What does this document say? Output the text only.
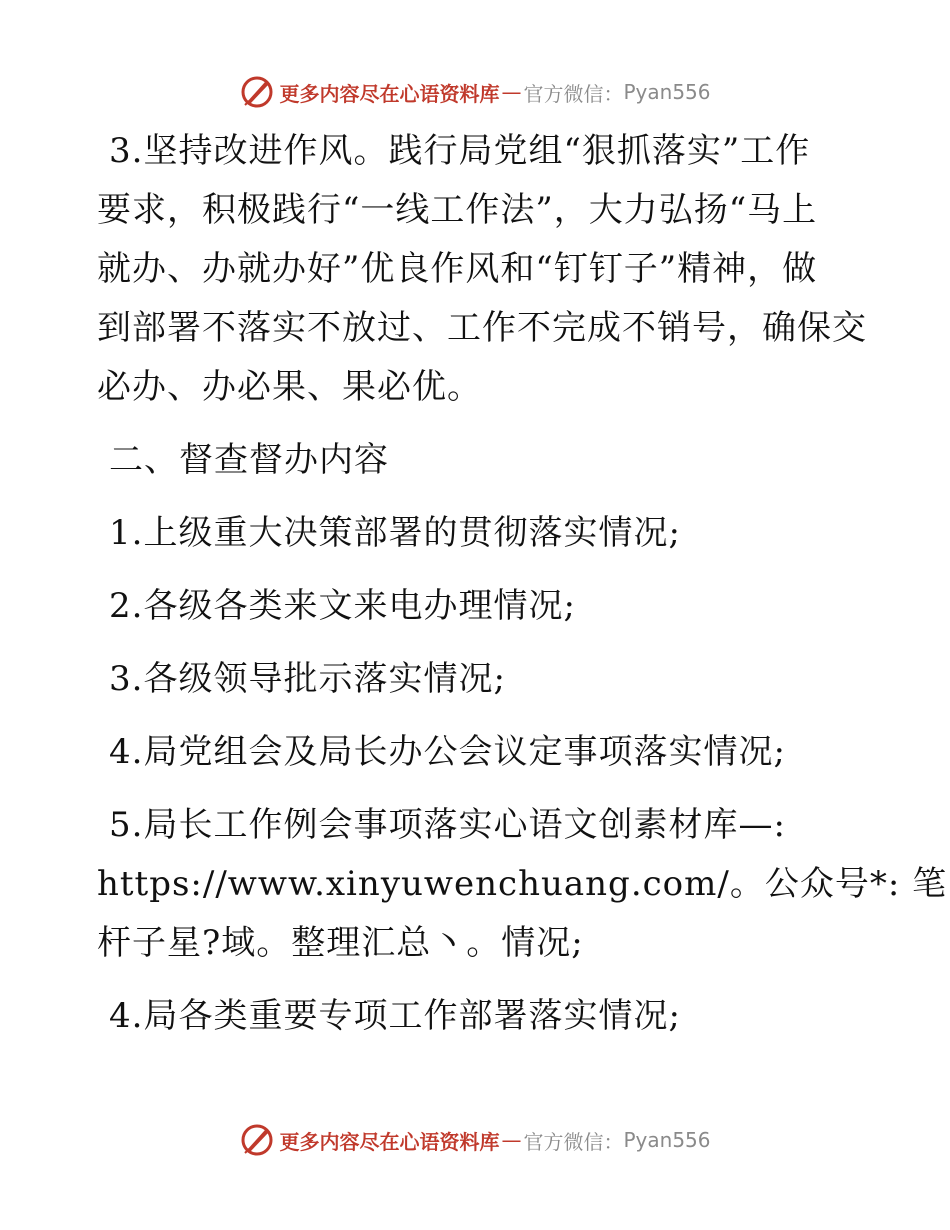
更多内容尽在心语资料库 — 官方微信： Pyan556
3.坚持改进作风。践行局党组“狠抓落实”工作
要求，积极践行“一线工作法”，大力弘扬“马上
就办、办就办好”优良作风和“钉钉子”精神，做
到部署不落实不放过、工作不完成不销号，确保交
必办、办必果、果必优。
二、督查督办内容
1.上级重大决策部署的贯彻落实情况;
2.各级各类来文来电办理情况;
3.各级领导批示落实情况;
4.局党组会及局长办公会议定事项落实情况;
5.局长工作例会事项落实心语文创素材库—:
https://www.xinyuwenchuang.com/。公众号*: 笔
杆子星?域。整理汇总丶。情况;
4.局各类重要专项工作部署落实情况;
更多内容尽在心语资料库 — 官方微信： Pyan556
